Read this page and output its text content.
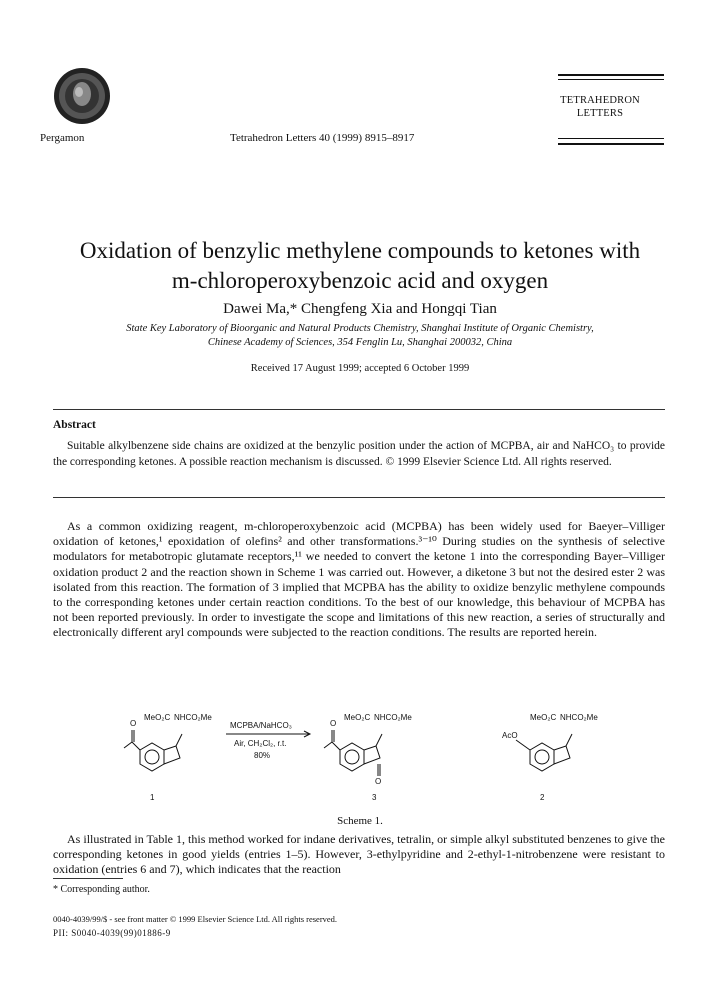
Pergamon	Tetrahedron Letters 40 (1999) 8915–8917
TETRAHEDRON
LETTERS
Oxidation of benzylic methylene compounds to ketones with
m-chloroperoxybenzoic acid and oxygen
Dawei Ma,* Chengfeng Xia and Hongqi Tian
State Key Laboratory of Bioorganic and Natural Products Chemistry, Shanghai Institute of Organic Chemistry,
Chinese Academy of Sciences, 354 Fenglin Lu, Shanghai 200032, China
Received 17 August 1999; accepted 6 October 1999
Abstract
Suitable alkylbenzene side chains are oxidized at the benzylic position under the action of MCPBA, air and NaHCO₃ to provide the corresponding ketones. A possible reaction mechanism is discussed. © 1999 Elsevier Science Ltd. All rights reserved.
As a common oxidizing reagent, m-chloroperoxybenzoic acid (MCPBA) has been widely used for Baeyer–Villiger oxidation of ketones,¹ epoxidation of olefins² and other transformations.³⁻¹⁰ During studies on the synthesis of selective modulators for metabotropic glutamate receptors,¹¹ we needed to convert the ketone 1 into the corresponding Bayer–Villiger oxidation product 2 and the reaction shown in Scheme 1 was carried out. However, a diketone 3 but not the desired ester 2 was isolated from this reaction. The formation of 3 implied that MCPBA has the ability to oxidize benzylic methylene compounds to the corresponding ketones under certain reaction conditions. To the best of our knowledge, this behaviour of MCPBA has not been reported previously. In order to investigate the scope and limitations of this new reaction, a series of structurally and electronically different aryl compounds were subjected to the reaction conditions. The results are reported herein.
O
MeO₂C NHCO₂Me
1
MCPBA/NaHCO₃
Air, CH₂Cl₂, r.t.
80%
O
MeO₂C NHCO₂Me
O
3
AcO
MeO₂C NHCO₂Me
2
Scheme 1.
As illustrated in Table 1, this method worked for indane derivatives, tetralin, or simple alkyl substituted benzenes to give the corresponding ketones in good yields (entries 1–5). However, 3-ethylpyridine and 2-ethyl-1-nitrobenzene were resistant to oxidation (entries 6 and 7), which indicates that the reaction
* Corresponding author.
0040-4039/99/$ - see front matter © 1999 Elsevier Science Ltd. All rights reserved.
PII: S0040-4039(99)01886-9
